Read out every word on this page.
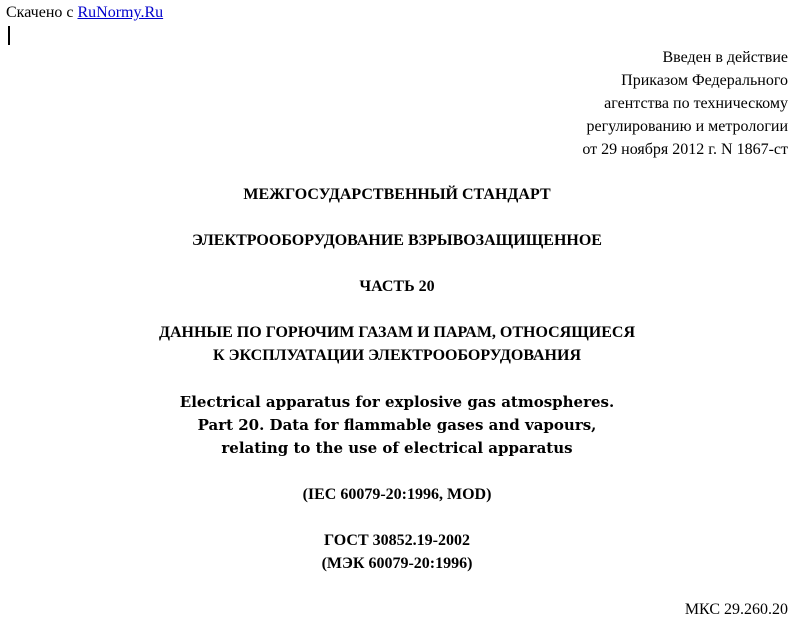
Скачено с RuNormy.Ru
Введен в действие
Приказом Федерального
агентства по техническому
регулированию и метрологии
от 29 ноября 2012 г. N 1867-ст
МЕЖГОСУДАРСТВЕННЫЙ СТАНДАРТ
ЭЛЕКТРООБОРУДОВАНИЕ ВЗРЫВОЗАЩИЩЕННОЕ
ЧАСТЬ 20
ДАННЫЕ ПО ГОРЮЧИМ ГАЗАМ И ПАРАМ, ОТНОСЯЩИЕСЯ
К ЭКСПЛУАТАЦИИ ЭЛЕКТРООБОРУДОВАНИЯ
Electrical apparatus for explosive gas atmospheres.
Part 20. Data for flammable gases and vapours,
relating to the use of electrical apparatus
(IEC 60079-20:1996, MOD)
ГОСТ 30852.19-2002
(МЭК 60079-20:1996)
МКС 29.260.20
